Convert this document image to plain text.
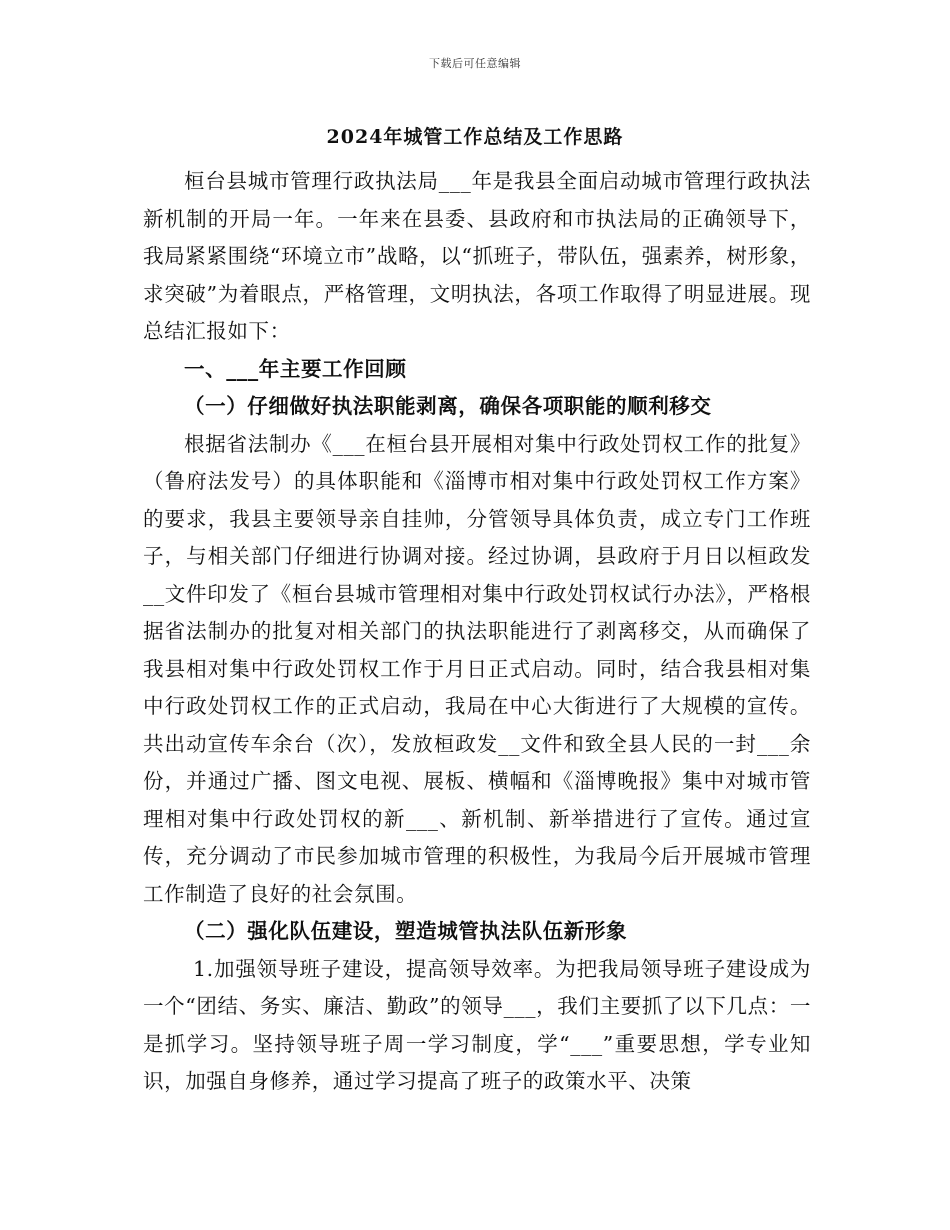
下载后可任意编辑
2024年城管工作总结及工作思路

桓台县城市管理行政执法局___年是我县全面启动城市管理行政执法新机制的开局一年。一年来在县委、县政府和市执法局的正确领导下，我局紧紧围绕“环境立市”战略，以“抓班子，带队伍，强素养，树形象，求突破”为着眼点，严格管理，文明执法，各项工作取得了明显进展。现总结汇报如下：

一、___年主要工作回顾

（一）仔细做好执法职能剥离，确保各项职能的顺利移交

根据省法制办《___在桓台县开展相对集中行政处罚权工作的批复》（鲁府法发号）的具体职能和《淄博市相对集中行政处罚权工作方案》的要求，我县主要领导亲自挂帅，分管领导具体负责，成立专门工作班子，与相关部门仔细进行协调对接。经过协调，县政府于月日以桓政发__文件印发了《桓台县城市管理相对集中行政处罚权试行办法》，严格根据省法制办的批复对相关部门的执法职能进行了剥离移交，从而确保了我县相对集中行政处罚权工作于月日正式启动。同时，结合我县相对集中行政处罚权工作的正式启动，我局在中心大街进行了大规模的宣传。共出动宣传车余台（次），发放桓政发__文件和致全县人民的一封___余份，并通过广播、图文电视、展板、横幅和《淄博晚报》集中对城市管理相对集中行政处罚权的新___、新机制、新举措进行了宣传。通过宣传，充分调动了市民参加城市管理的积极性，为我局今后开展城市管理工作制造了良好的社会氛围。

（二）强化队伍建设，塑造城管执法队伍新形象

1.加强领导班子建设，提高领导效率。为把我局领导班子建设成为一个“团结、务实、廉洁、勤政”的领导___，我们主要抓了以下几点：一是抓学习。坚持领导班子周一学习制度，学“___”重要思想，学专业知识，加强自身修养，通过学习提高了班子的政策水平、决策
